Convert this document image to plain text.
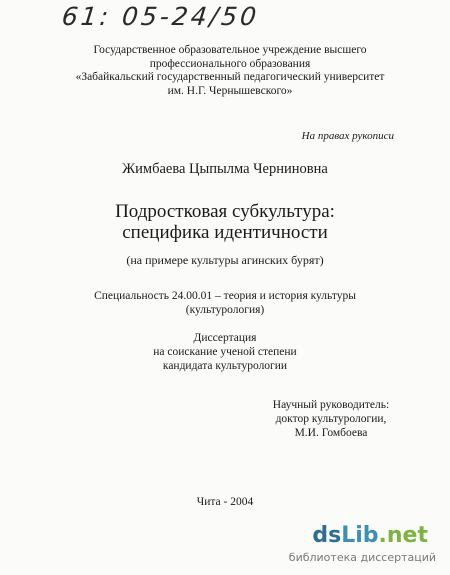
61: 05-24/50
Государственное образовательное учреждение высшего
профессионального образования
«Забайкальский государственный педагогический университет
им. Н.Г. Чернышевского»
На правах рукописи
Жимбаева Цыпылма Черниновна
Подростковая субкультура:
специфика идентичности
(на примере культуры агинских бурят)
Специальность 24.00.01 – теория и история культуры
(культурология)
Диссертация
на соискание ученой степени
кандидата культурологии
Научный руководитель:
доктор культурологии,
М.И. Гомбоева
Чита - 2004
dsLib.net
библиотека диссертаций
